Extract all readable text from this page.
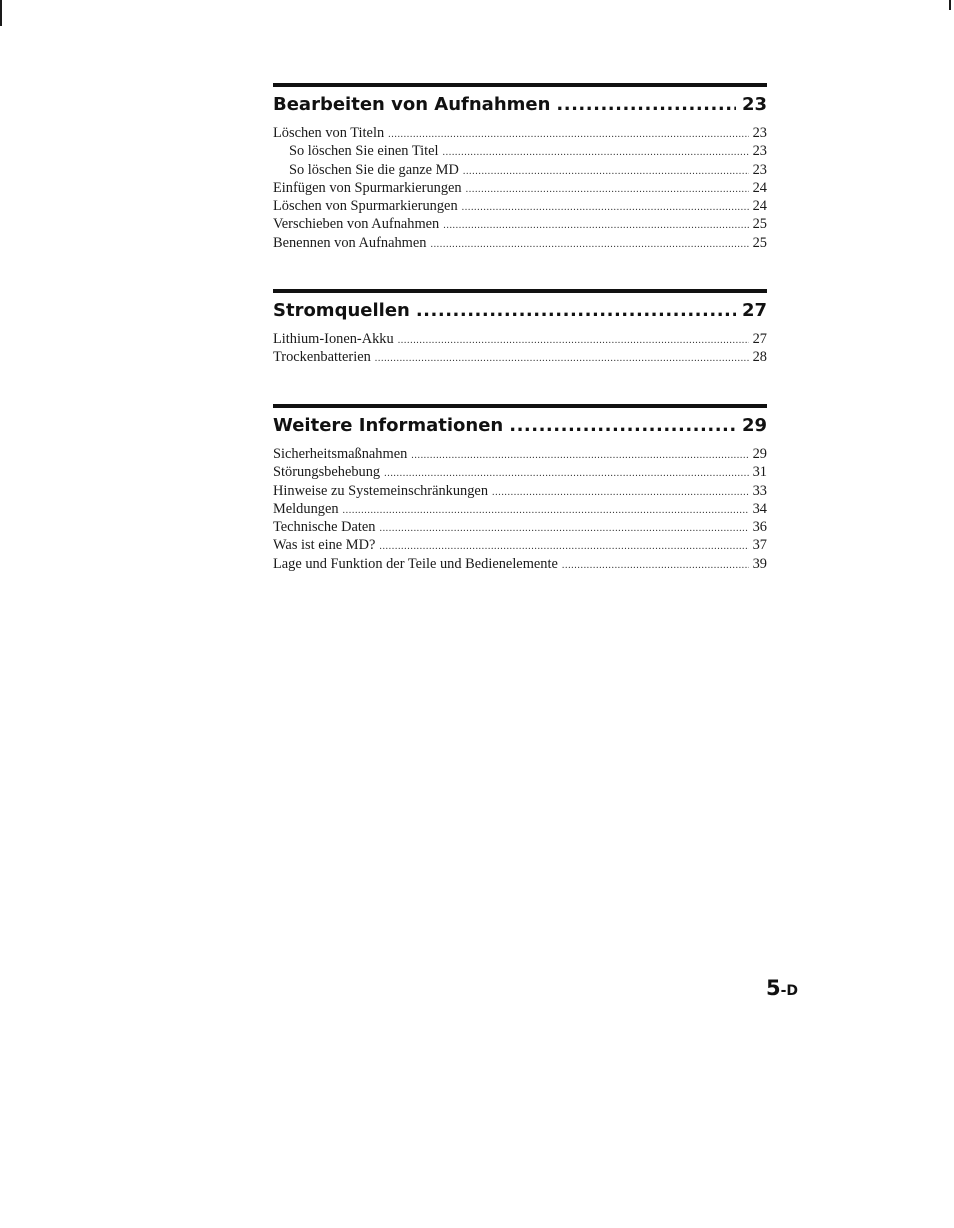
Bearbeiten von Aufnahmen .....	23
Löschen von Titeln .....	23
So löschen Sie einen Titel .....	23
So löschen Sie die ganze MD .....	23
Einfügen von Spurmarkierungen .....	24
Löschen von Spurmarkierungen .....	24
Verschieben von Aufnahmen .....	25
Benennen von Aufnahmen .....	25
Stromquellen .....	27
Lithium-Ionen-Akku .....	27
Trockenbatterien .....	28
Weitere Informationen .....	29
Sicherheitsmaßnahmen .....	29
Störungsbehebung .....	31
Hinweise zu Systemeinschränkungen .....	33
Meldungen .....	34
Technische Daten .....	36
Was ist eine MD? .....	37
Lage und Funktion der Teile und Bedienelemente .....	39
5-D
